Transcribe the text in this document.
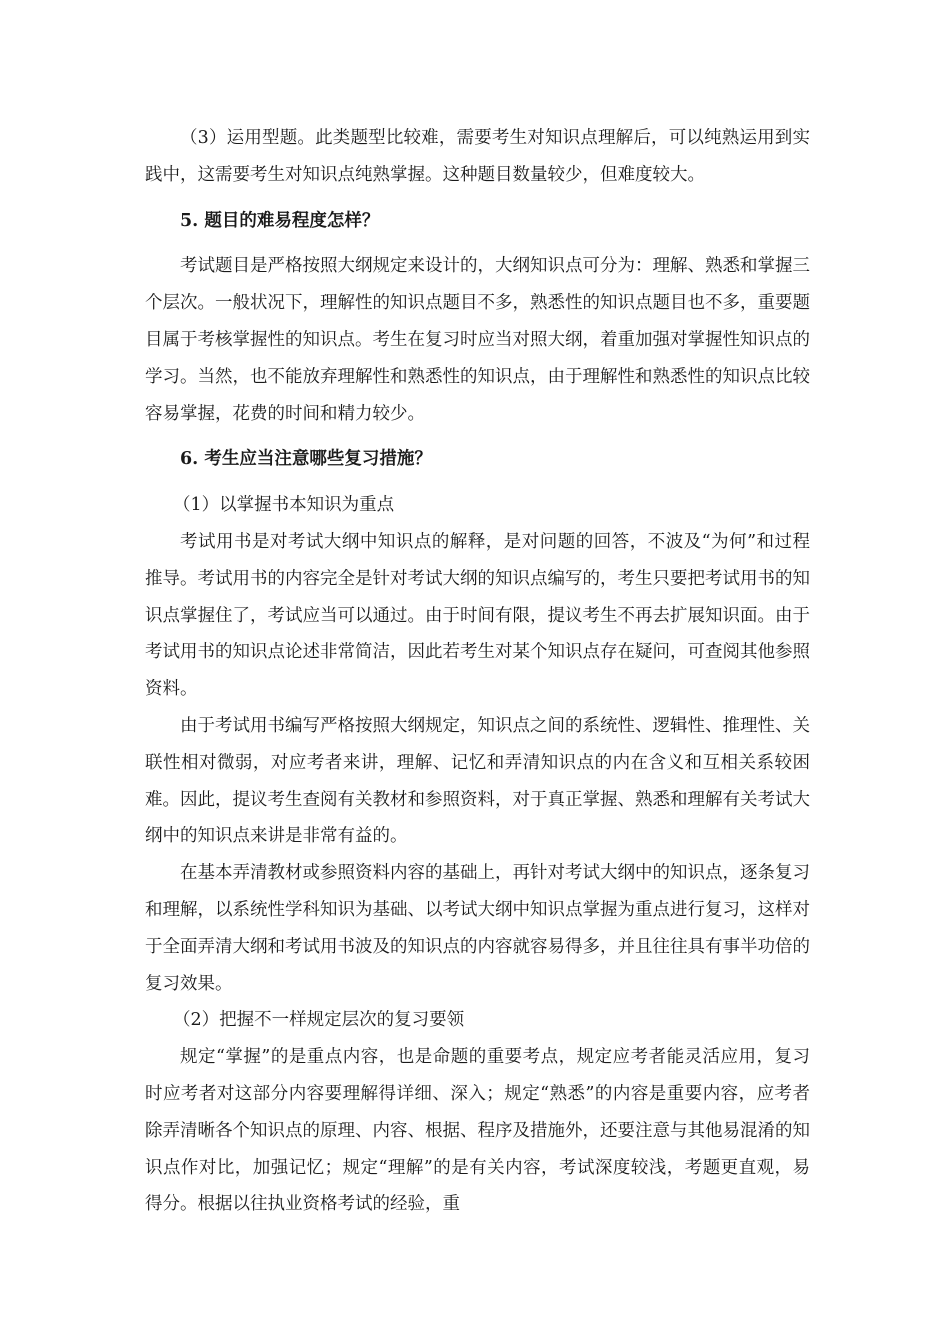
（3）运用型题。此类题型比较难，需要考生对知识点理解后，可以纯熟运用到实践中，这需要考生对知识点纯熟掌握。这种题目数量较少，但难度较大。

5. 题目的难易程度怎样？

考试题目是严格按照大纲规定来设计的，大纲知识点可分为：理解、熟悉和掌握三个层次。一般状况下，理解性的知识点题目不多，熟悉性的知识点题目也不多，重要题目属于考核掌握性的知识点。考生在复习时应当对照大纲，着重加强对掌握性知识点的学习。当然，也不能放弃理解性和熟悉性的知识点，由于理解性和熟悉性的知识点比较容易掌握，花费的时间和精力较少。

6. 考生应当注意哪些复习措施？

（1）以掌握书本知识为重点

考试用书是对考试大纲中知识点的解释，是对问题的回答，不波及“为何”和过程推导。考试用书的内容完全是针对考试大纲的知识点编写的，考生只要把考试用书的知识点掌握住了，考试应当可以通过。由于时间有限，提议考生不再去扩展知识面。由于考试用书的知识点论述非常简洁，因此若考生对某个知识点存在疑问，可查阅其他参照资料。

由于考试用书编写严格按照大纲规定，知识点之间的系统性、逻辑性、推理性、关联性相对微弱，对应考者来讲，理解、记忆和弄清知识点的内在含义和互相关系较困难。因此，提议考生查阅有关教材和参照资料，对于真正掌握、熟悉和理解有关考试大纲中的知识点来讲是非常有益的。

在基本弄清教材或参照资料内容的基础上，再针对考试大纲中的知识点，逐条复习和理解，以系统性学科知识为基础、以考试大纲中知识点掌握为重点进行复习，这样对于全面弄清大纲和考试用书波及的知识点的内容就容易得多，并且往往具有事半功倍的复习效果。

（2）把握不一样规定层次的复习要领

规定“掌握”的是重点内容，也是命题的重要考点，规定应考者能灵活应用，复习时应考者对这部分内容要理解得详细、深入；规定“熟悉”的内容是重要内容，应考者除弄清晰各个知识点的原理、内容、根据、程序及措施外，还要注意与其他易混淆的知识点作对比，加强记忆；规定“理解”的是有关内容，考试深度较浅，考题更直观，易得分。根据以往执业资格考试的经验，重
